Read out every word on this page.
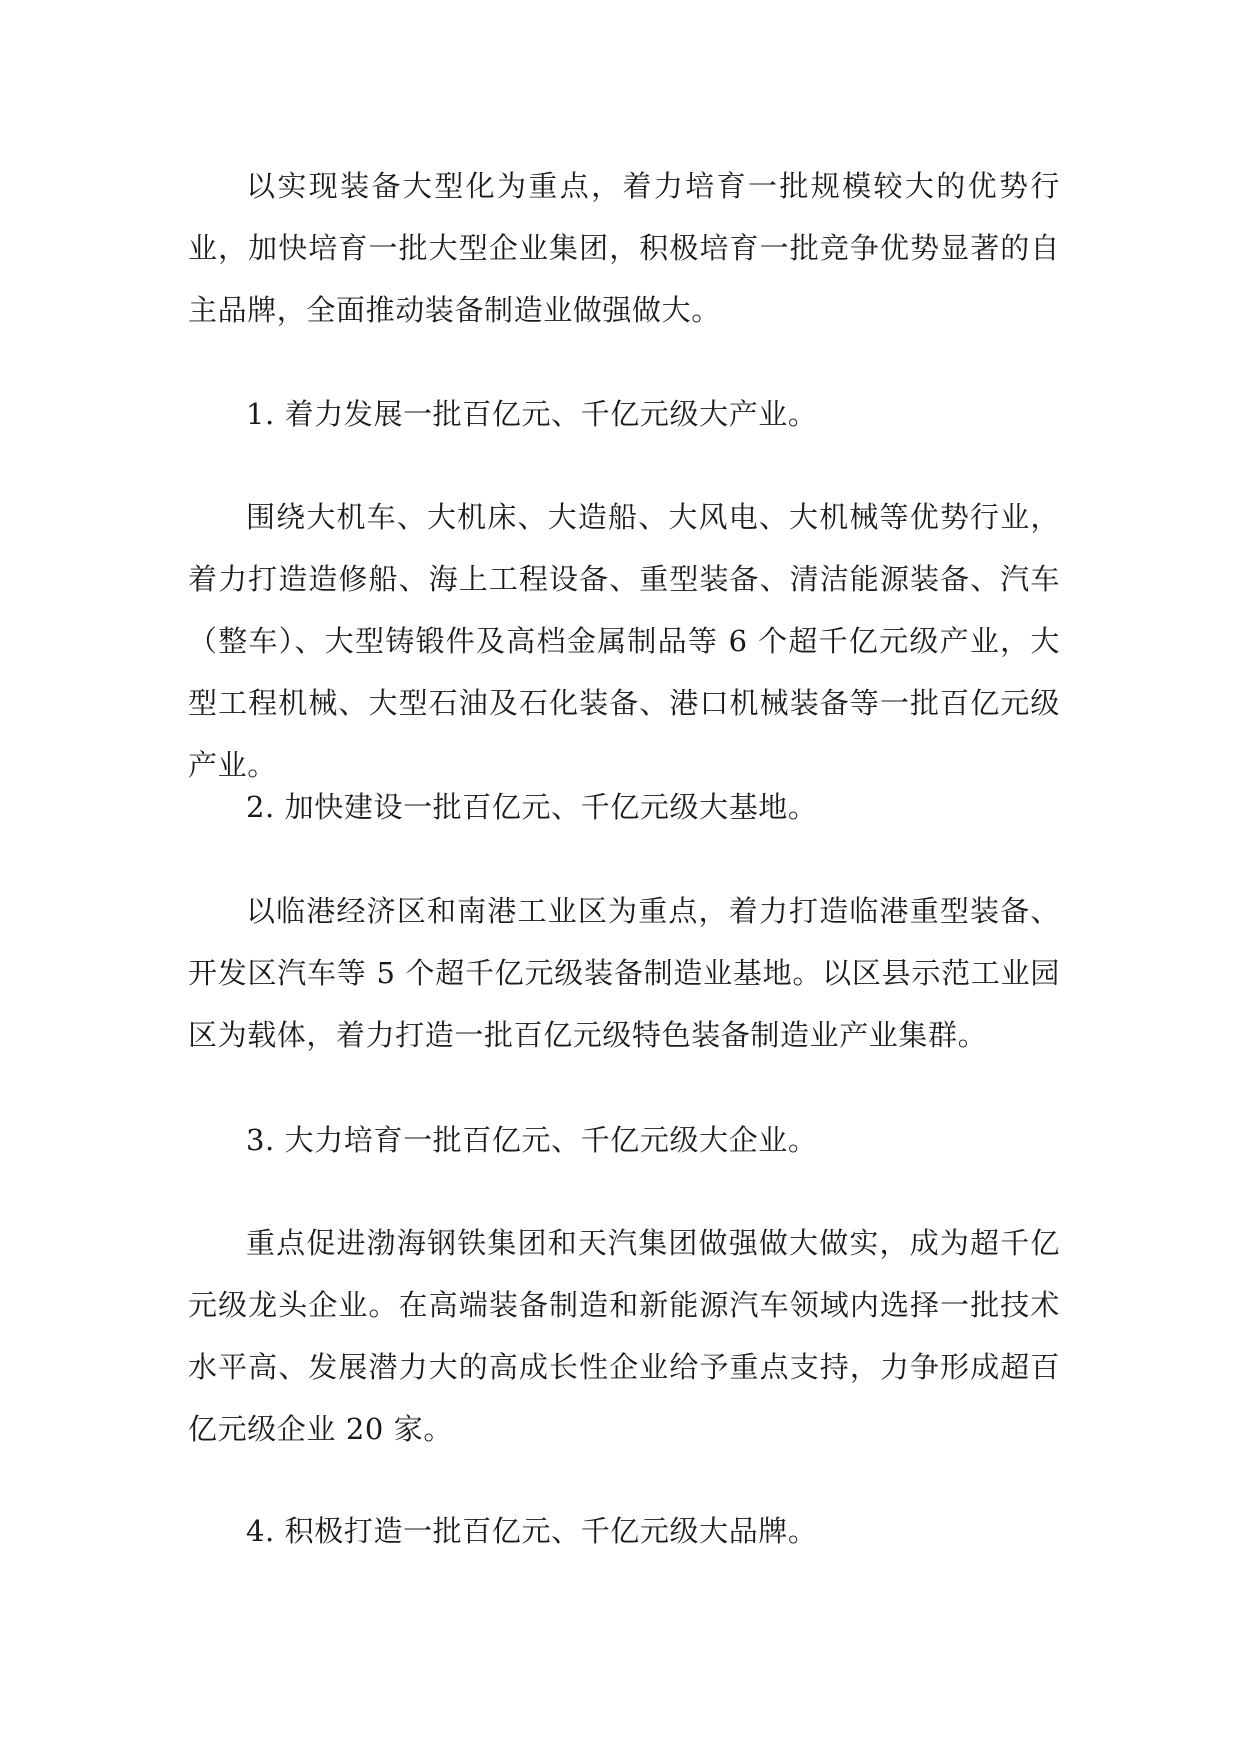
以实现装备大型化为重点，着力培育一批规模较大的优势行业，加快培育一批大型企业集团，积极培育一批竞争优势显著的自主品牌，全面推动装备制造业做强做大。

1. 着力发展一批百亿元、千亿元级大产业。

围绕大机车、大机床、大造船、大风电、大机械等优势行业，着力打造造修船、海上工程设备、重型装备、清洁能源装备、汽车（整车）、大型铸锻件及高档金属制品等 6 个超千亿元级产业，大型工程机械、大型石油及石化装备、港口机械装备等一批百亿元级产业。

2. 加快建设一批百亿元、千亿元级大基地。

以临港经济区和南港工业区为重点，着力打造临港重型装备、开发区汽车等 5 个超千亿元级装备制造业基地。以区县示范工业园区为载体，着力打造一批百亿元级特色装备制造业产业集群。

3. 大力培育一批百亿元、千亿元级大企业。

重点促进渤海钢铁集团和天汽集团做强做大做实，成为超千亿元级龙头企业。在高端装备制造和新能源汽车领域内选择一批技术水平高、发展潜力大的高成长性企业给予重点支持，力争形成超百亿元级企业 20 家。

4. 积极打造一批百亿元、千亿元级大品牌。
